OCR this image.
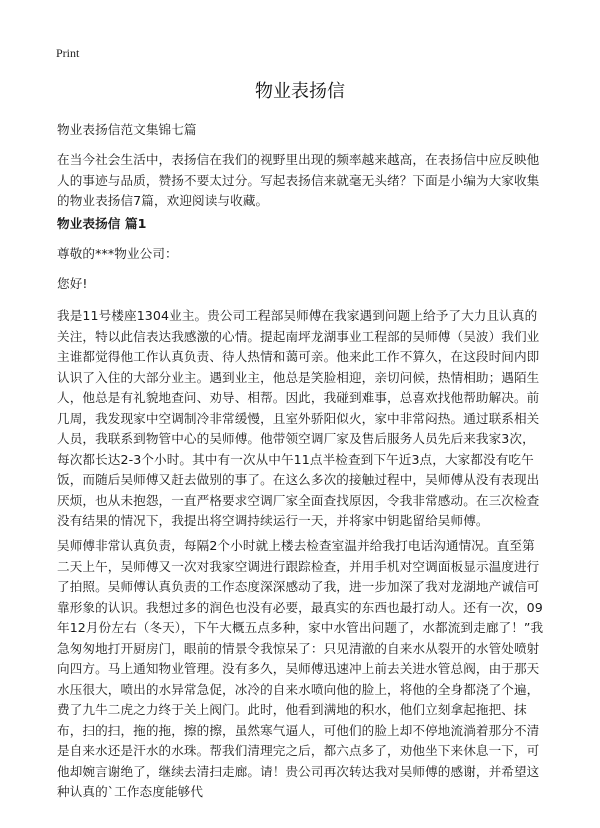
Print
物业表扬信

物业表扬信范文集锦七篇

在当今社会生活中，表扬信在我们的视野里出现的频率越来越高，在表扬信中应反映他人的事迹与品质，赞扬不要太过分。写起表扬信来就毫无头绪？下面是小编为大家收集的物业表扬信7篇，欢迎阅读与收藏。

物业表扬信 篇1

尊敬的***物业公司：

您好!

我是11号楼座1304业主。贵公司工程部吴师傅在我家遇到问题上给予了大力且认真的关注，特以此信表达我感激的心情。提起南坪龙湖事业工程部的吴师傅（吴波）我们业主谁都觉得他工作认真负责、待人热情和蔼可亲。他来此工作不算久，在这段时间内即认识了入住的大部分业主。遇到业主，他总是笑脸相迎，亲切问候，热情相助；遇陌生人，他总是有礼貌地查问、劝导、相帮。因此，我碰到难事，总喜欢找他帮助解决。前几周，我发现家中空调制冷非常缓慢，且室外骄阳似火，家中非常闷热。通过联系相关人员，我联系到物管中心的吴师傅。他带领空调厂家及售后服务人员先后来我家3次，每次都长达2-3个小时。其中有一次从中午11点半检查到下午近3点，大家都没有吃午饭，而随后吴师傅又赶去做别的事了。在这么多次的接触过程中，吴师傅从没有表现出厌烦，也从未抱怨，一直严格要求空调厂家全面查找原因，令我非常感动。在三次检查没有结果的情况下，我提出将空调持续运行一天，并将家中钥匙留给吴师傅。

吴师傅非常认真负责，每隔2个小时就上楼去检查室温并给我打电话沟通情况。直至第二天上午，吴师傅又一次对我家空调进行跟踪检查，并用手机对空调面板显示温度进行了拍照。吴师傅认真负责的工作态度深深感动了我，进一步加深了我对龙湖地产诚信可靠形象的认识。我想过多的润色也没有必要，最真实的东西也最打动人。还有一次，09年12月份左右（冬天），下午大概五点多种，家中水管出问题了，水都流到走廊了！”我急匆匆地打开厨房门，眼前的情景令我惊呆了：只见清澈的自来水从裂开的水管处喷射向四方。马上通知物业管理。没有多久，吴师傅迅速冲上前去关进水管总阀，由于那天水压很大，喷出的水异常急促，冰冷的自来水喷向他的脸上，将他的全身都浇了个遍，费了九牛二虎之力终于关上阀门。此时，他看到满地的积水，他们立刻拿起拖把、抹布，扫的扫，拖的拖，擦的擦，虽然寒气逼人，可他们的脸上却不停地流淌着那分不清是自来水还是汗水的水珠。帮我们清理完之后，都六点多了，劝他坐下来休息一下，可他却婉言谢绝了，继续去清扫走廊。请！贵公司再次转达我对吴师傅的感谢，并希望这种认真的`工作态度能够代
